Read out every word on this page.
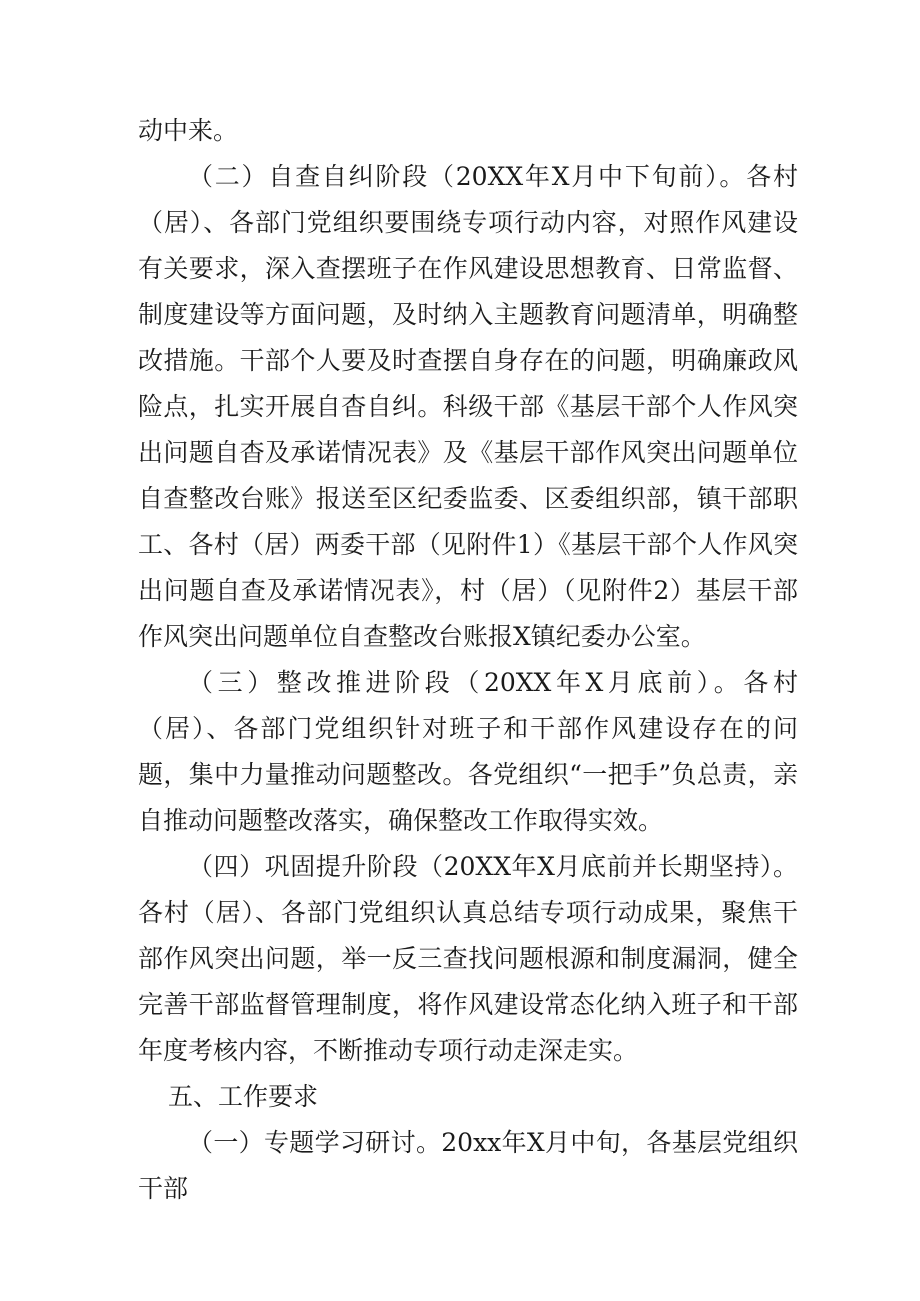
动中来。

（二）自查自纠阶段（20XX年X月中下旬前）。各村（居）、各部门党组织要围绕专项行动内容，对照作风建设有关要求，深入查摆班子在作风建设思想教育、日常监督、制度建设等方面问题，及时纳入主题教育问题清单，明确整改措施。干部个人要及时查摆自身存在的问题，明确廉政风险点，扎实开展自杳自纠。科级干部《基层干部个人作风突出问题自杳及承诺情况表》及《基层干部作风突出问题单位自查整改台账》报送至区纪委监委、区委组织部，镇干部职工、各村（居）两委干部（见附件1）《基层干部个人作风突出问题自查及承诺情况表》，村（居）（见附件2）基层干部作风突出问题单位自查整改台账报X镇纪委办公室。

（三）整改推进阶段（20XX年X月底前）。各村（居）、各部门党组织针对班子和干部作风建设存在的问题，集中力量推动问题整改。各党组织“一把手”负总责，亲自推动问题整改落实，确保整改工作取得实效。

（四）巩固提升阶段（20XX年X月底前并长期坚持）。各村（居）、各部门党组织认真总结专项行动成果，聚焦干部作风突出问题，举一反三查找问题根源和制度漏洞，健全完善干部监督管理制度，将作风建设常态化纳入班子和干部年度考核内容，不断推动专项行动走深走实。

五、工作要求

（一）专题学习研讨。20xx年X月中旬，各基层党组织干部
